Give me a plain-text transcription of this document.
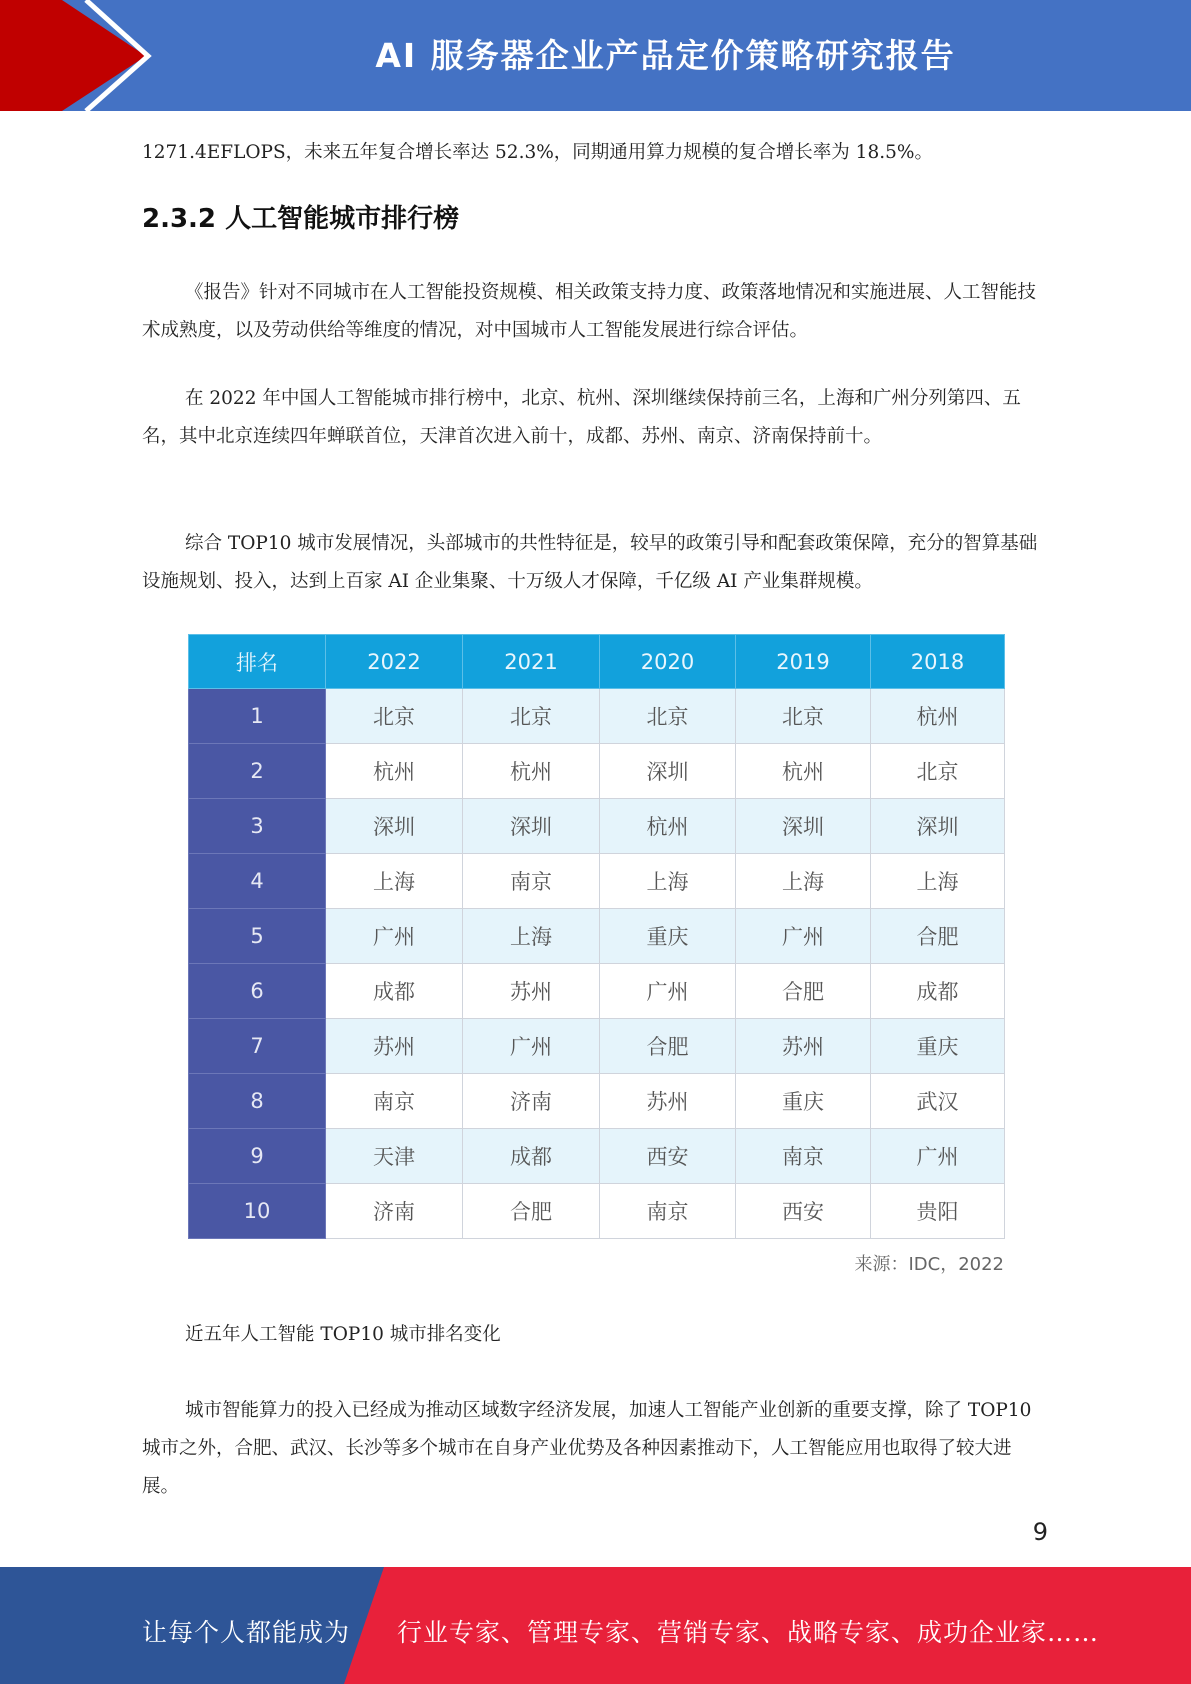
AI 服务器企业产品定价策略研究报告
1271.4EFLOPS，未来五年复合增长率达 52.3%，同期通用算力规模的复合增长率为 18.5%。
2.3.2 人工智能城市排行榜
《报告》针对不同城市在人工智能投资规模、相关政策支持力度、政策落地情况和实施进展、人工智能技术成熟度，以及劳动供给等维度的情况，对中国城市人工智能发展进行综合评估。
在 2022 年中国人工智能城市排行榜中，北京、杭州、深圳继续保持前三名，上海和广州分列第四、五名，其中北京连续四年蝉联首位，天津首次进入前十，成都、苏州、南京、济南保持前十。
综合 TOP10 城市发展情况，头部城市的共性特征是，较早的政策引导和配套政策保障，充分的智算基础设施规划、投入，达到上百家 AI 企业集聚、十万级人才保障，千亿级 AI 产业集群规模。
排名	2022	2021	2020	2019	2018
1	北京	北京	北京	北京	杭州
2	杭州	杭州	深圳	杭州	北京
3	深圳	深圳	杭州	深圳	深圳
4	上海	南京	上海	上海	上海
5	广州	上海	重庆	广州	合肥
6	成都	苏州	广州	合肥	成都
7	苏州	广州	合肥	苏州	重庆
8	南京	济南	苏州	重庆	武汉
9	天津	成都	西安	南京	广州
10	济南	合肥	南京	西安	贵阳
来源：IDC，2022
近五年人工智能 TOP10 城市排名变化
城市智能算力的投入已经成为推动区域数字经济发展，加速人工智能产业创新的重要支撑，除了 TOP10 城市之外，合肥、武汉、长沙等多个城市在自身产业优势及各种因素推动下，人工智能应用也取得了较大进展。
9
让每个人都能成为 行业专家、管理专家、营销专家、战略专家、成功企业家……
